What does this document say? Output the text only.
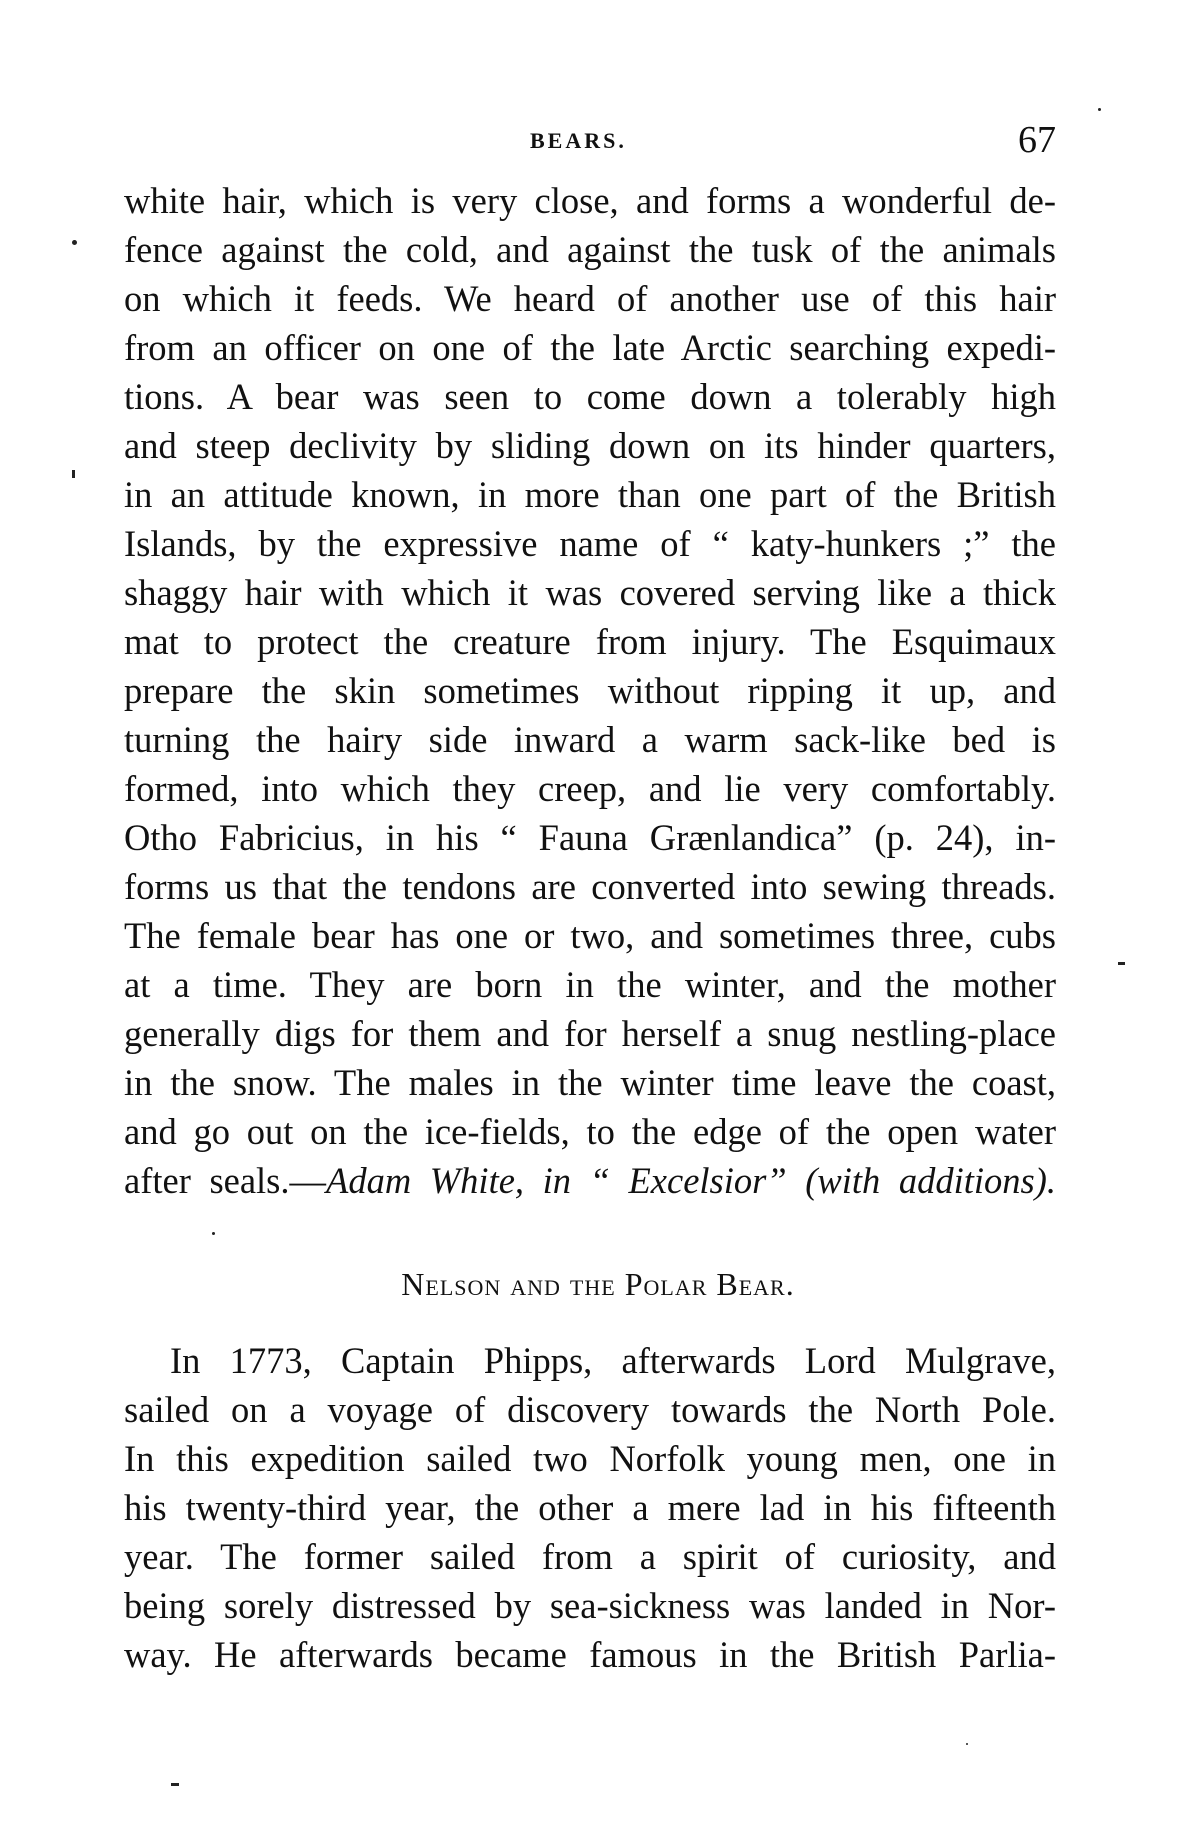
BEARS.	67
white hair, which is very close, and forms a wonderful de-
fence against the cold, and against the tusk of the animals
on which it feeds. We heard of another use of this hair
from an officer on one of the late Arctic searching expedi-
tions. A bear was seen to come down a tolerably high
and steep declivity by sliding down on its hinder quarters,
in an attitude known, in more than one part of the British
Islands, by the expressive name of “ katy-hunkers ;” the
shaggy hair with which it was covered serving like a thick
mat to protect the creature from injury. The Esquimaux
prepare the skin sometimes without ripping it up, and
turning the hairy side inward a warm sack-like bed is
formed, into which they creep, and lie very comfortably.
Otho Fabricius, in his “ Fauna Grænlandica” (p. 24), in-
forms us that the tendons are converted into sewing threads.
The female bear has one or two, and sometimes three, cubs
at a time. They are born in the winter, and the mother
generally digs for them and for herself a snug nestling-place
in the snow. The males in the winter time leave the coast,
and go out on the ice-fields, to the edge of the open water
after seals.—Adam White, in “ Excelsior” (with additions).
Nelson and the Polar Bear.
In 1773, Captain Phipps, afterwards Lord Mulgrave,
sailed on a voyage of discovery towards the North Pole.
In this expedition sailed two Norfolk young men, one in
his twenty-third year, the other a mere lad in his fifteenth
year. The former sailed from a spirit of curiosity, and
being sorely distressed by sea-sickness was landed in Nor-
way. He afterwards became famous in the British Parlia-
